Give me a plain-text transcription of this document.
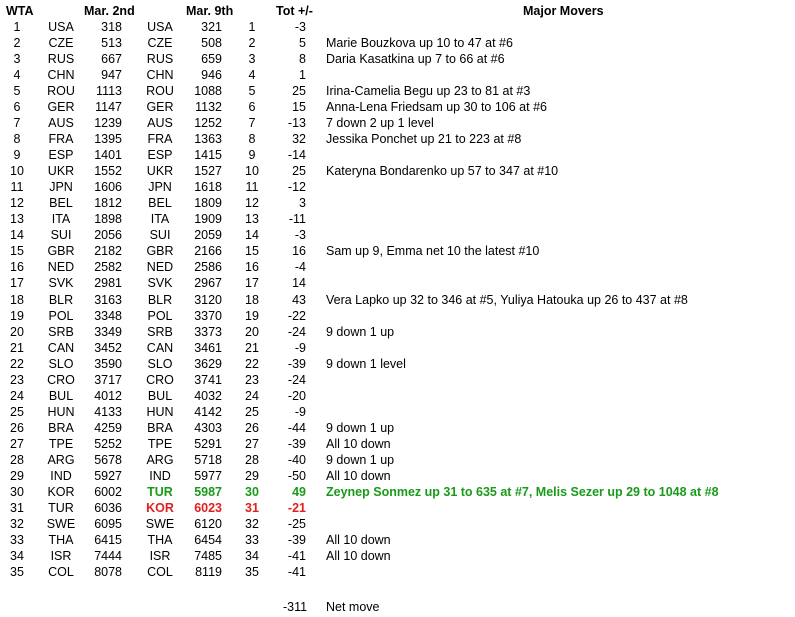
WTA	Mar. 2nd	Mar. 9th	Tot +/-	Major Movers
1	USA	318	USA	321	1	-3
2	CZE	513	CZE	508	2	5 Marie Bouzkova up 10 to 47 at #6
3	RUS	667	RUS	659	3	8 Daria Kasatkina up 7 to 66 at #6
4	CHN	947 CHN	946	4	1
5	ROU	1113 ROU	1088	5	25 Irina-Camelia Begu up 23 to 81 at #3
6	GER	1147 GER	1132	6	15 Anna-Lena Friedsam up 30 to 106 at #6
7	AUS	1239	AUS	1252	7	-13 7 down 2 up 1 level
8	FRA	1395	FRA	1363	8	32 Jessika Ponchet up 21 to 223 at #8
9	ESP	1401	ESP	1415	9	-14
10	UKR	1552	UKR	1527	10	25 Kateryna Bondarenko up 57 to 347 at #10
11	JPN	1606	JPN	1618	11	-12
12	BEL	1812	BEL	1809	12	3
13	ITA	1898	ITA	1909	13	-11
14	SUI	2056	SUI	2059	14	-3
15	GBR	2182 GBR	2166	15	16 Sam up 9, Emma net 10 the latest #10
16	NED	2582	NED	2586	16	-4
17	SVK	2981	SVK	2967	17	14
18	BLR	3163	BLR	3120	18	43 Vera Lapko up 32 to 346 at #5, Yuliya Hatouka up 26 to 437 at #8
19	POL	3348	POL	3370	19	-22
20	SRB	3349	SRB	3373	20	-24 9 down 1 up
21	CAN	3452	CAN	3461	21	-9
22	SLO	3590	SLO	3629	22	-39 9 down 1 level
23	CRO	3717 CRO	3741	23	-24
24	BUL	4012	BUL	4032	24	-20
25	HUN	4133 HUN	4142	25	-9
26	BRA	4259	BRA	4303	26	-44 9 down 1 up
27	TPE	5252	TPE	5291	27	-39 All 10 down
28	ARG	5678 ARG	5718	28	-40 9 down 1 up
29	IND	5927	IND	5977	29	-50 All 10 down
30	KOR	6002	TUR	5987	30	49 Zeynep Sonmez up 31 to 635 at #7, Melis Sezer up 29 to 1048 at #8
31	TUR	6036 KOR	6023	31	-21
32	SWE	6095 SWE	6120	32	-25
33	THA	6415	THA	6454	33	-39 All 10 down
34	ISR	7444	ISR	7485	34	-41 All 10 down
35	COL	8078	COL	8119	35	-41
-311 Net move
